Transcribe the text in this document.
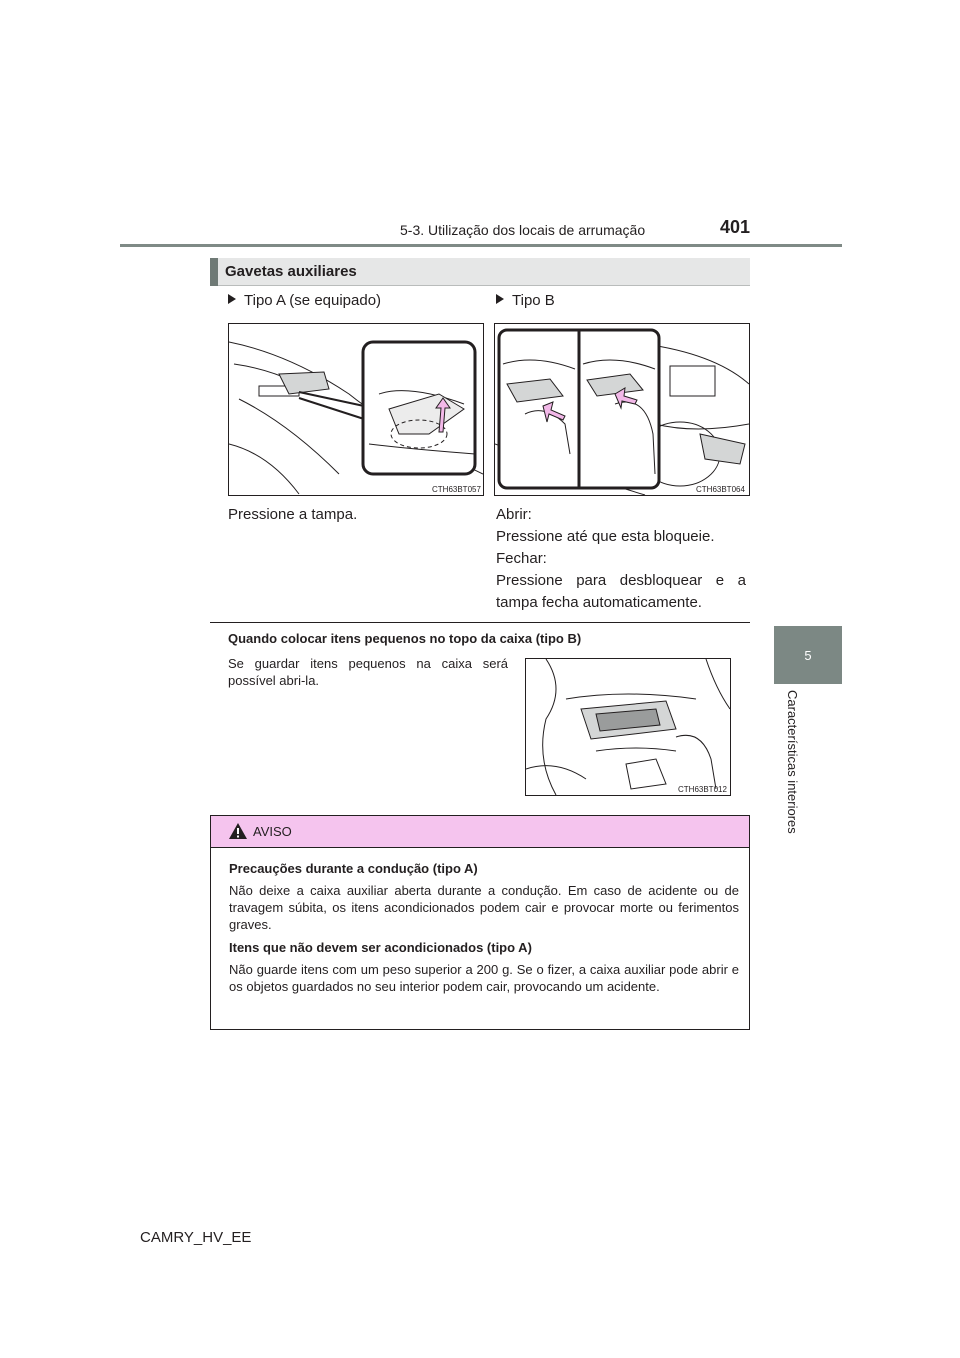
5-3. Utilização dos locais de arrumação	401
5
Características interiores
Gavetas auxiliares
Tipo A (se equipado)	Tipo B
CTH63BT057	CTH63BT064
Pressione a tampa.	Abrir:
Pressione até que esta bloqueie.
Fechar:
Pressione para desbloquear e a tampa fecha automaticamente.
Quando colocar itens pequenos no topo da caixa (tipo B)
Se guardar itens pequenos na caixa será possível abri-la.
CTH63BT012
AVISO
Precauções durante a condução (tipo A)
Não deixe a caixa auxiliar aberta durante a condução. Em caso de acidente ou de travagem súbita, os itens acondicionados podem cair e provocar morte ou ferimentos graves.
Itens que não devem ser acondicionados (tipo A)
Não guarde itens com um peso superior a 200 g. Se o fizer, a caixa auxiliar pode abrir e os objetos guardados no seu interior podem cair, provocando um acidente.
CAMRY_HV_EE
